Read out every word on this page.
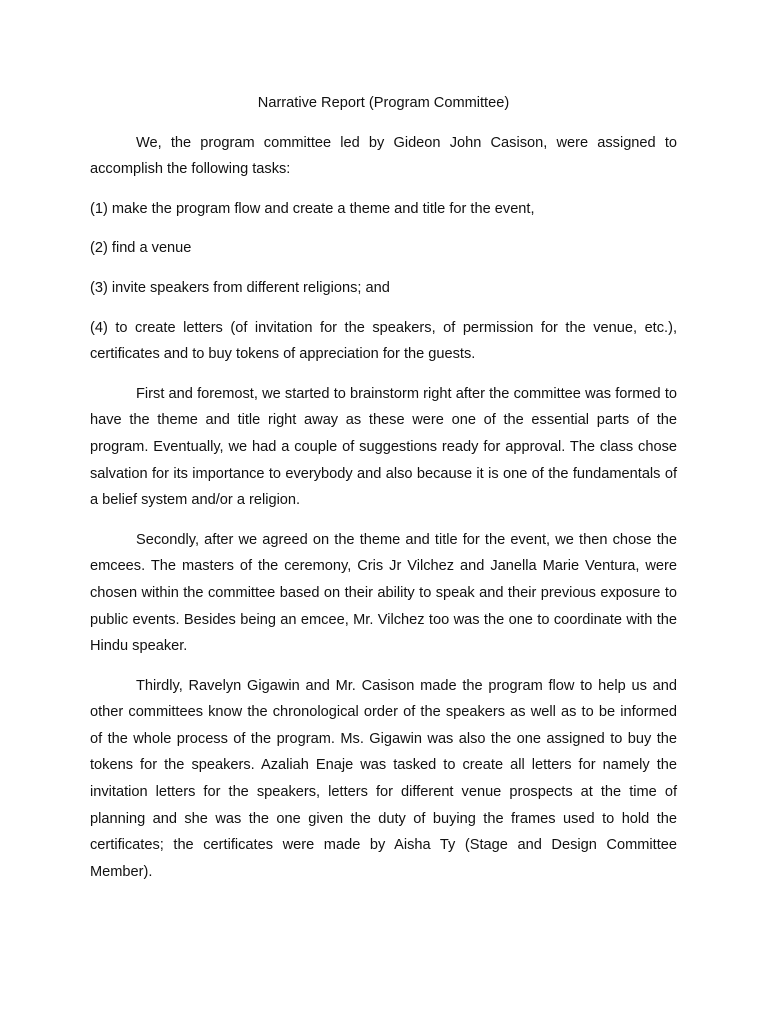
Narrative Report (Program Committee)

We, the program committee led by Gideon John Casison, were assigned to accomplish the following tasks:

(1) make the program flow and create a theme and title for the event,

(2) find a venue

(3) invite speakers from different religions; and

(4) to create letters (of invitation for the speakers, of permission for the venue, etc.), certificates and to buy tokens of appreciation for the guests.

First and foremost, we started to brainstorm right after the committee was formed to have the theme and title right away as these were one of the essential parts of the program. Eventually, we had a couple of suggestions ready for approval. The class chose salvation for its importance to everybody and also because it is one of the fundamentals of a belief system and/or a religion.

Secondly, after we agreed on the theme and title for the event, we then chose the emcees. The masters of the ceremony, Cris Jr Vilchez and Janella Marie Ventura, were chosen within the committee based on their ability to speak and their previous exposure to public events. Besides being an emcee, Mr. Vilchez too was the one to coordinate with the Hindu speaker.

Thirdly, Ravelyn Gigawin and Mr. Casison made the program flow to help us and other committees know the chronological order of the speakers as well as to be informed of the whole process of the program. Ms. Gigawin was also the one assigned to buy the tokens for the speakers. Azaliah Enaje was tasked to create all letters for namely the invitation letters for the speakers, letters for different venue prospects at the time of planning and she was the one given the duty of buying the frames used to hold the certificates; the certificates were made by Aisha Ty (Stage and Design Committee Member).
